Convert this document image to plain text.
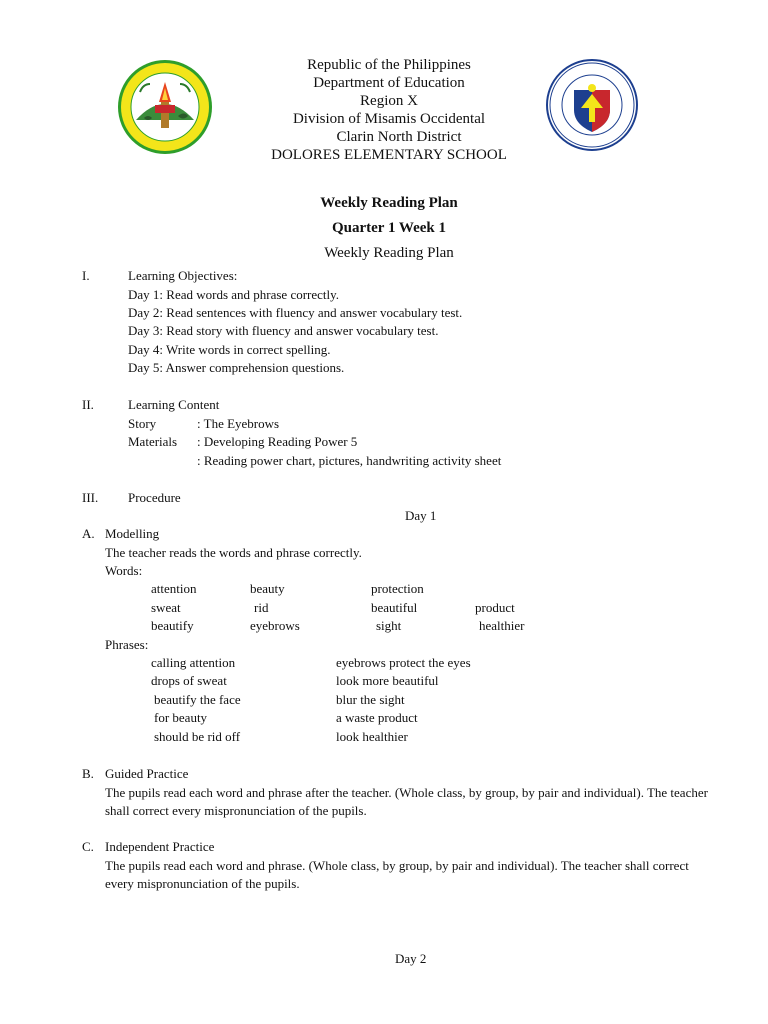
Republic of the Philippines
Department of Education
Region X
Division of Misamis Occidental
Clarin North District
DOLORES ELEMENTARY SCHOOL
Weekly Reading Plan
Quarter 1 Week 1
Weekly Reading Plan
I.	Learning Objectives:
Day 1: Read words and phrase correctly.
Day 2: Read sentences with fluency and answer vocabulary test.
Day 3: Read story with fluency and answer vocabulary test.
Day 4: Write words in correct spelling.
Day 5: Answer comprehension questions.
II.	Learning Content
Story	: The Eyebrows
Materials : Developing Reading Power 5
: Reading power chart, pictures, handwriting activity sheet
III. Procedure
Day 1
A. Modelling
The teacher reads the words and phrase correctly.
Words:
attention	beauty	protection
sweat	rid	beautiful	product
beautify	eyebrows	sight	healthier
Phrases:
calling attention	eyebrows protect the eyes
drops of sweat	look more beautiful
beautify the face	blur the sight
for beauty	a waste product
should be rid off	look healthier
B. Guided Practice
The pupils read each word and phrase after the teacher. (Whole class, by group, by pair and individual). The teacher shall correct every mispronunciation of the pupils.
C. Independent Practice
The pupils read each word and phrase. (Whole class, by group, by pair and individual). The teacher shall correct every mispronunciation of the pupils.
Day 2
